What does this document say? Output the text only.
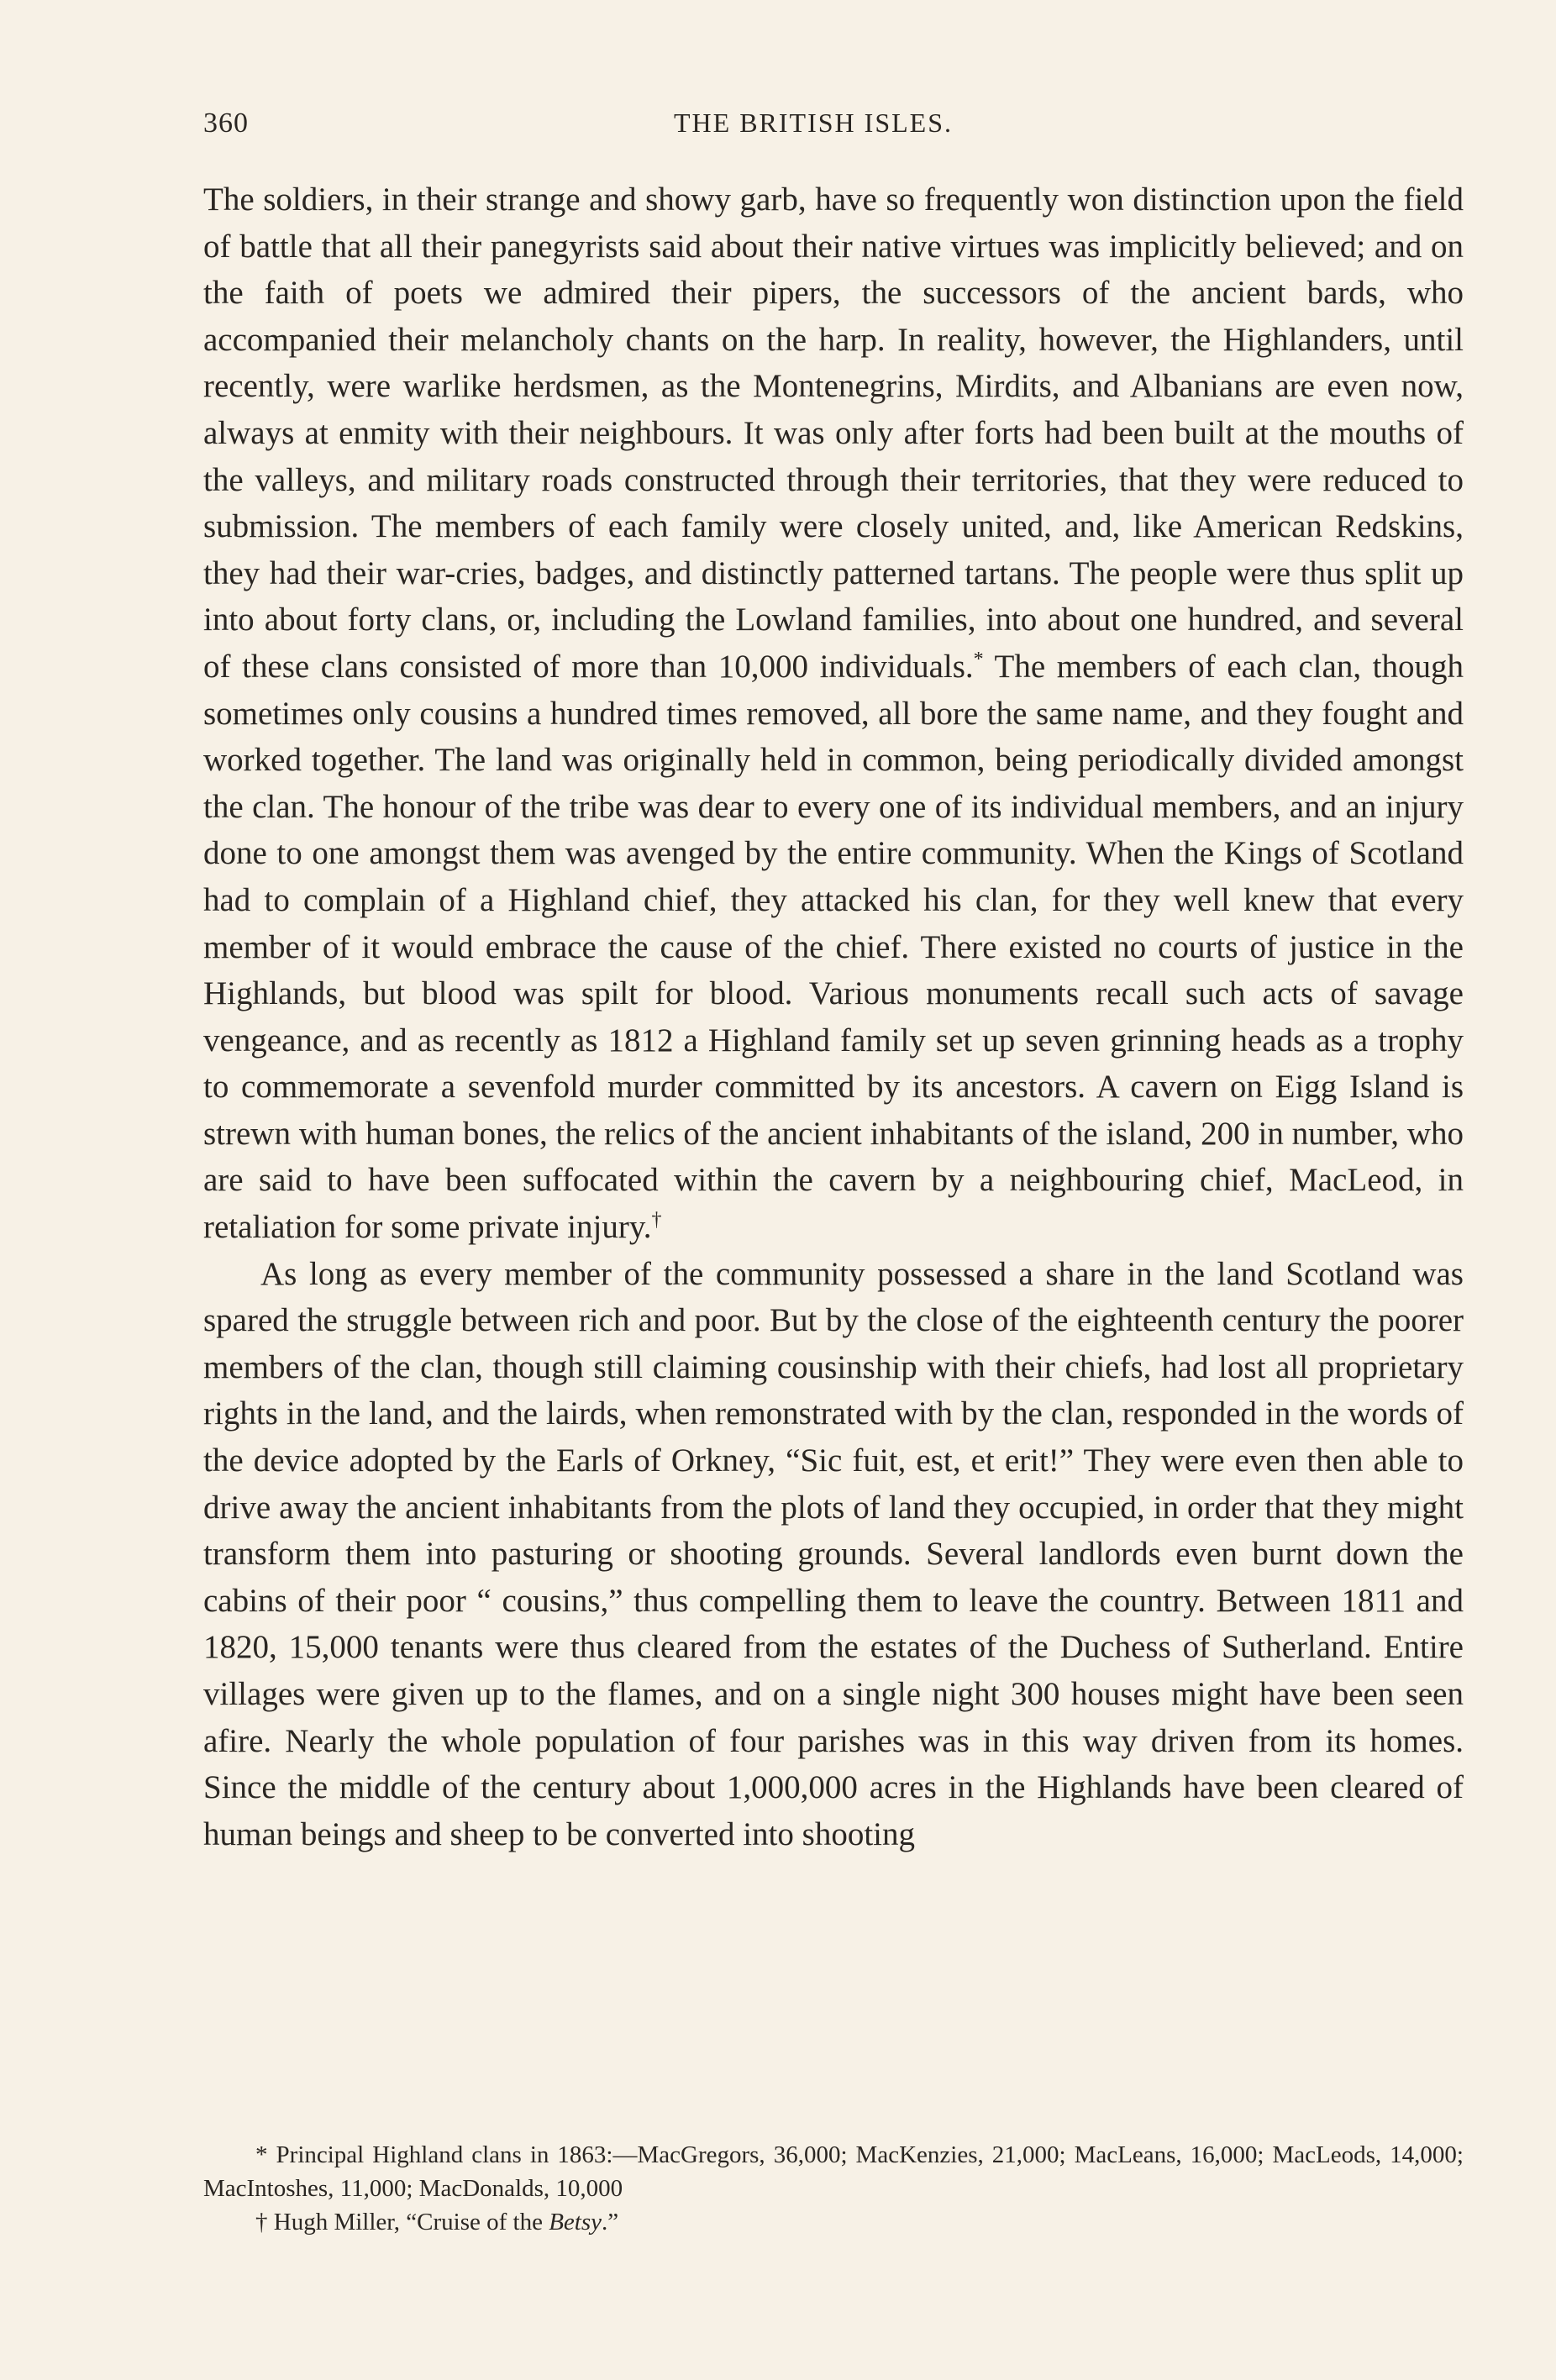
360	THE BRITISH ISLES.

The soldiers, in their strange and showy garb, have so frequently won distinction upon the field of battle that all their panegyrists said about their native virtues was implicitly believed; and on the faith of poets we admired their pipers, the successors of the ancient bards, who accompanied their melancholy chants on the harp. In reality, however, the Highlanders, until recently, were warlike herdsmen, as the Montenegrins, Mirdits, and Albanians are even now, always at enmity with their neighbours. It was only after forts had been built at the mouths of the valleys, and military roads constructed through their territories, that they were reduced to submission. The members of each family were closely united, and, like American Redskins, they had their war-cries, badges, and distinctly patterned tartans. The people were thus split up into about forty clans, or, including the Lowland families, into about one hundred, and several of these clans consisted of more than 10,000 individuals.* The members of each clan, though sometimes only cousins a hundred times removed, all bore the same name, and they fought and worked together. The land was originally held in common, being periodically divided amongst the clan. The honour of the tribe was dear to every one of its individual members, and an injury done to one amongst them was avenged by the entire community. When the Kings of Scotland had to complain of a Highland chief, they attacked his clan, for they well knew that every member of it would embrace the cause of the chief. There existed no courts of justice in the Highlands, but blood was spilt for blood. Various monuments recall such acts of savage vengeance, and as recently as 1812 a Highland family set up seven grinning heads as a trophy to commemorate a sevenfold murder committed by its ancestors. A cavern on Eigg Island is strewn with human bones, the relics of the ancient inhabitants of the island, 200 in number, who are said to have been suffocated within the cavern by a neighbouring chief, MacLeod, in retaliation for some private injury.†

As long as every member of the community possessed a share in the land Scotland was spared the struggle between rich and poor. But by the close of the eighteenth century the poorer members of the clan, though still claiming cousinship with their chiefs, had lost all proprietary rights in the land, and the lairds, when remonstrated with by the clan, responded in the words of the device adopted by the Earls of Orkney, “Sic fuit, est, et erit!” They were even then able to drive away the ancient inhabitants from the plots of land they occupied, in order that they might transform them into pasturing or shooting grounds. Several landlords even burnt down the cabins of their poor “ cousins,” thus compelling them to leave the country. Between 1811 and 1820, 15,000 tenants were thus cleared from the estates of the Duchess of Sutherland. Entire villages were given up to the flames, and on a single night 300 houses might have been seen afire. Nearly the whole population of four parishes was in this way driven from its homes. Since the middle of the century about 1,000,000 acres in the Highlands have been cleared of human beings and sheep to be converted into shooting

* Principal Highland clans in 1863:—MacGregors, 36,000; MacKenzies, 21,000; MacLeans, 16,000; MacLeods, 14,000; MacIntoshes, 11,000; MacDonalds, 10,000

† Hugh Miller, “Cruise of the Betsy.”
